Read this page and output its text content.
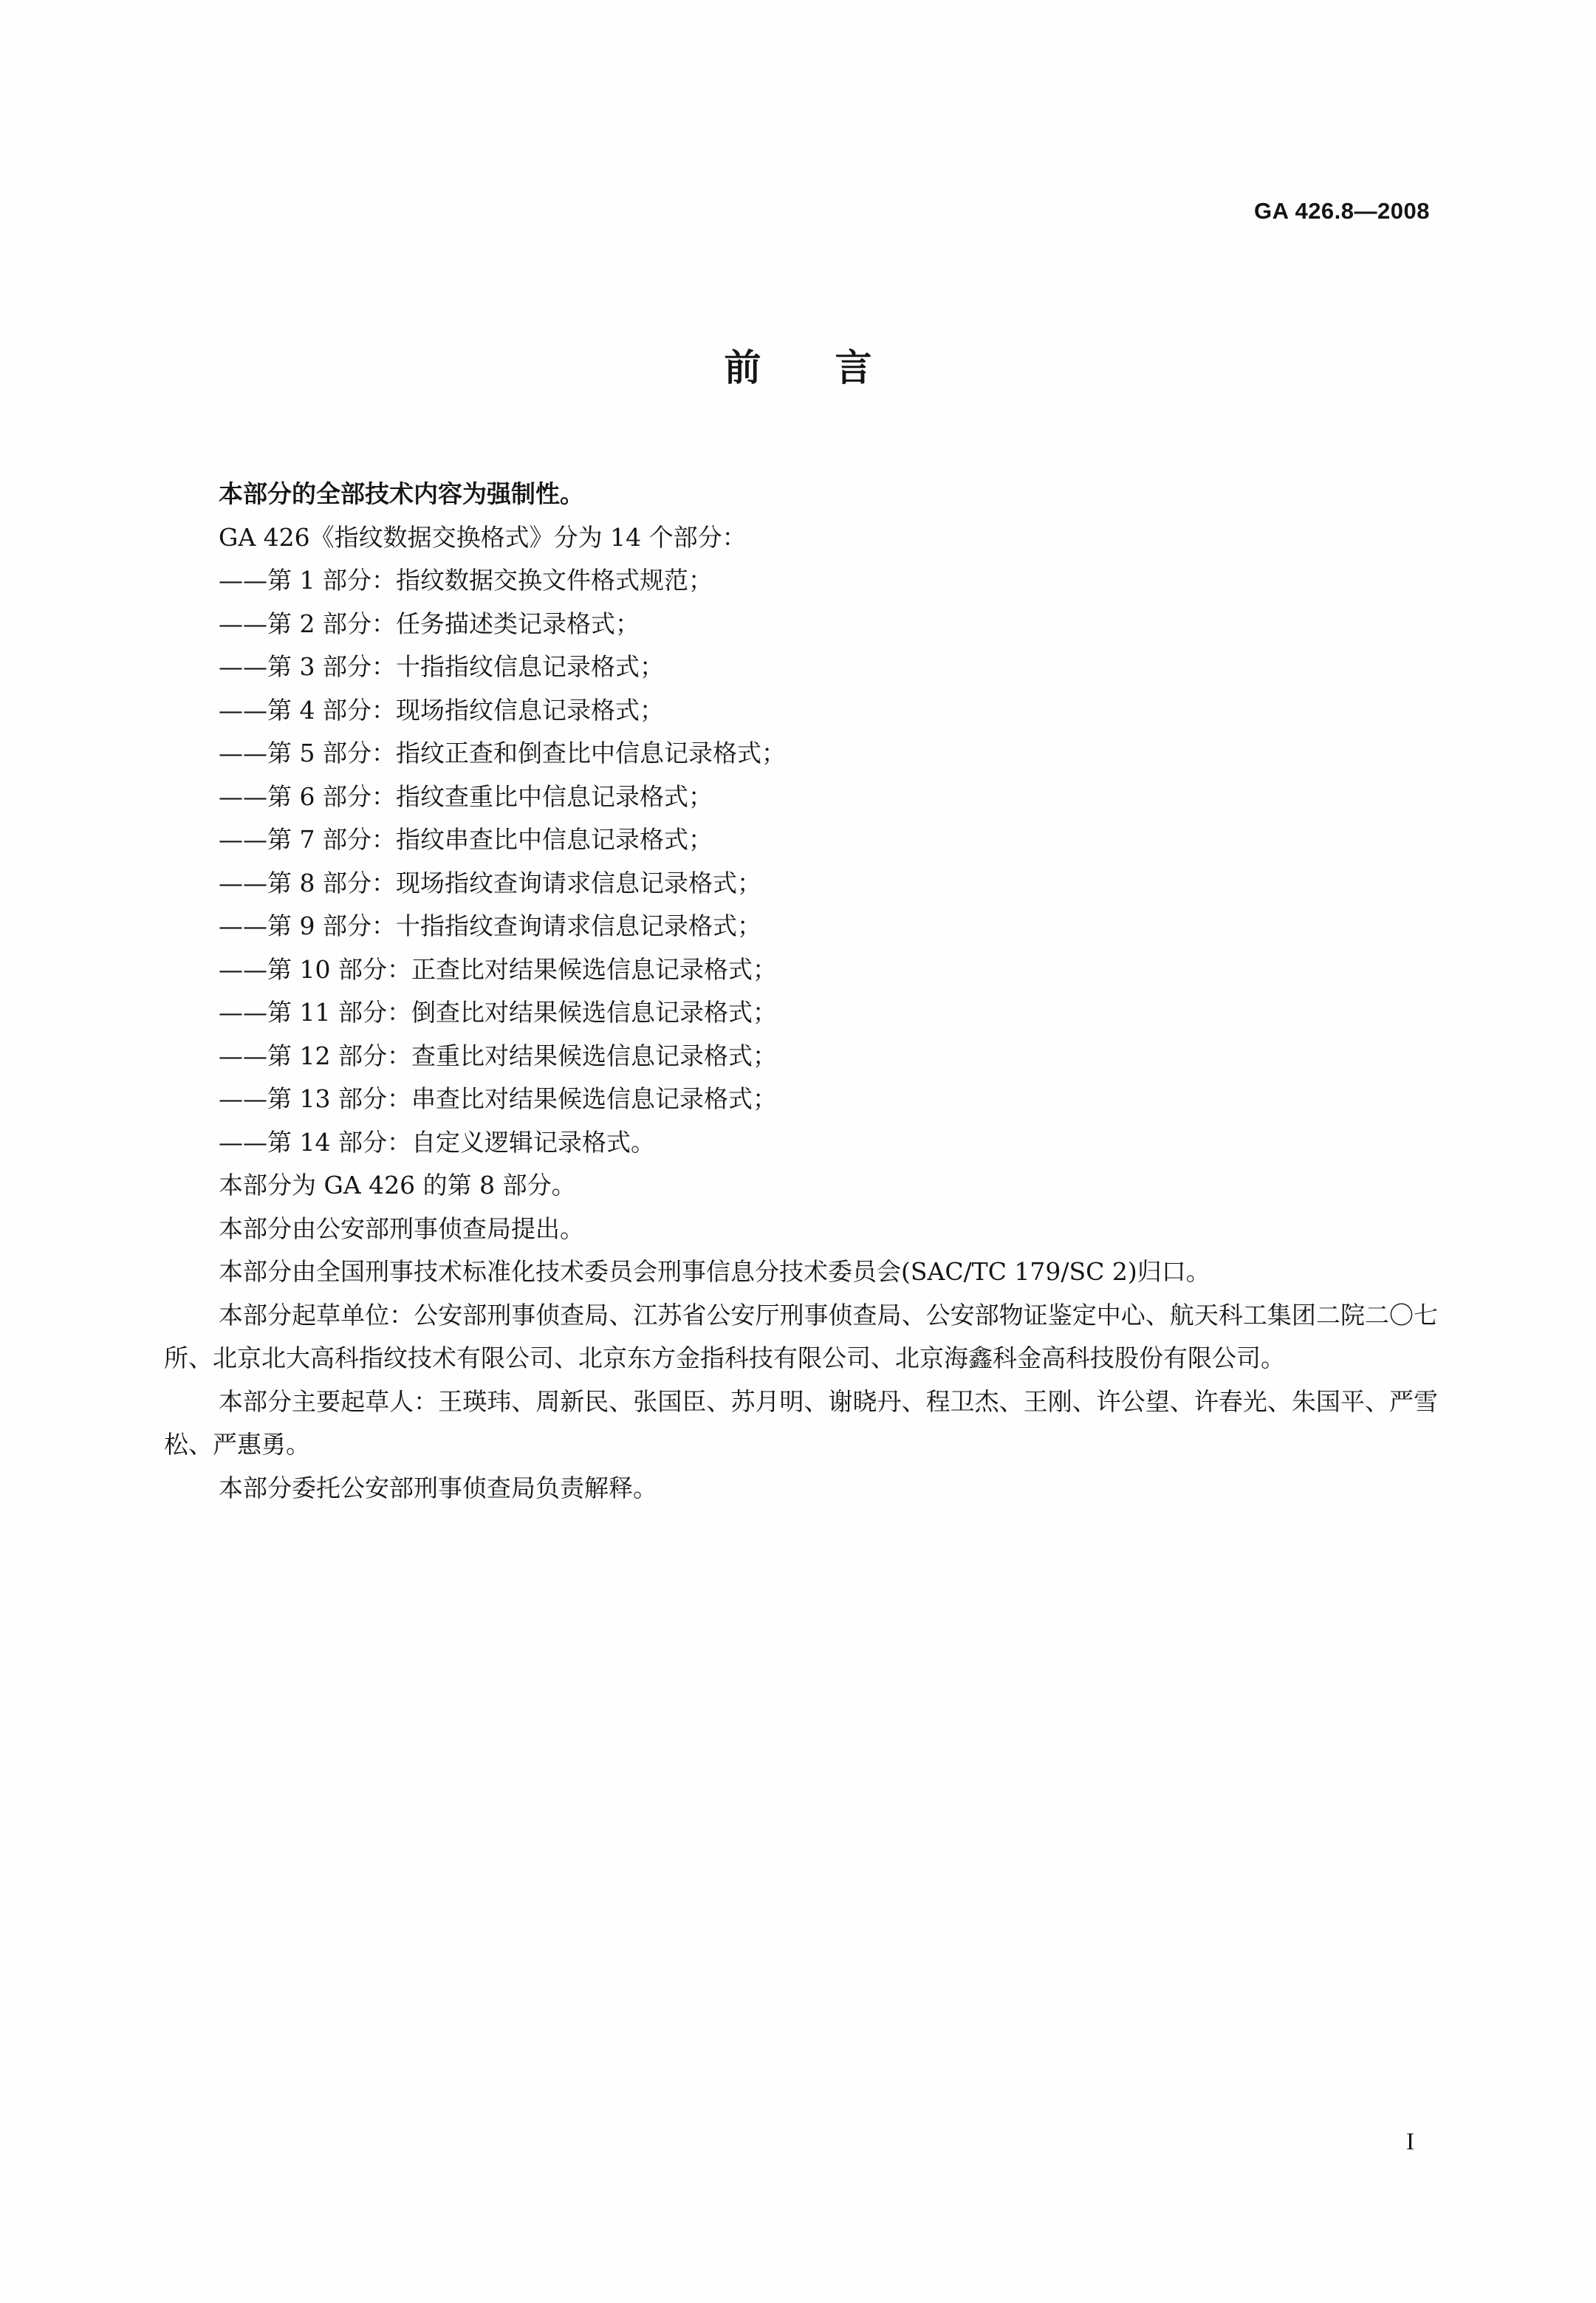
GA 426.8—2008
前言

本部分的全部技术内容为强制性。

GA 426《指纹数据交换格式》分为 14 个部分：

——第 1 部分：指纹数据交换文件格式规范；

——第 2 部分：任务描述类记录格式；

——第 3 部分：十指指纹信息记录格式；

——第 4 部分：现场指纹信息记录格式；

——第 5 部分：指纹正查和倒查比中信息记录格式；

——第 6 部分：指纹查重比中信息记录格式；

——第 7 部分：指纹串查比中信息记录格式；

——第 8 部分：现场指纹查询请求信息记录格式；

——第 9 部分：十指指纹查询请求信息记录格式；

——第 10 部分：正查比对结果候选信息记录格式；

——第 11 部分：倒查比对结果候选信息记录格式；

——第 12 部分：查重比对结果候选信息记录格式；

——第 13 部分：串查比对结果候选信息记录格式；

——第 14 部分：自定义逻辑记录格式。

本部分为 GA 426 的第 8 部分。

本部分由公安部刑事侦查局提出。

本部分由全国刑事技术标准化技术委员会刑事信息分技术委员会(SAC/TC 179/SC 2)归口。

本部分起草单位：公安部刑事侦查局、江苏省公安厅刑事侦查局、公安部物证鉴定中心、航天科工集团二院二〇七所、北京北大高科指纹技术有限公司、北京东方金指科技有限公司、北京海鑫科金高科技股份有限公司。

本部分主要起草人：王瑛玮、周新民、张国臣、苏月明、谢晓丹、程卫杰、王刚、许公望、许春光、朱国平、严雪松、严惠勇。

本部分委托公安部刑事侦查局负责解释。

I
